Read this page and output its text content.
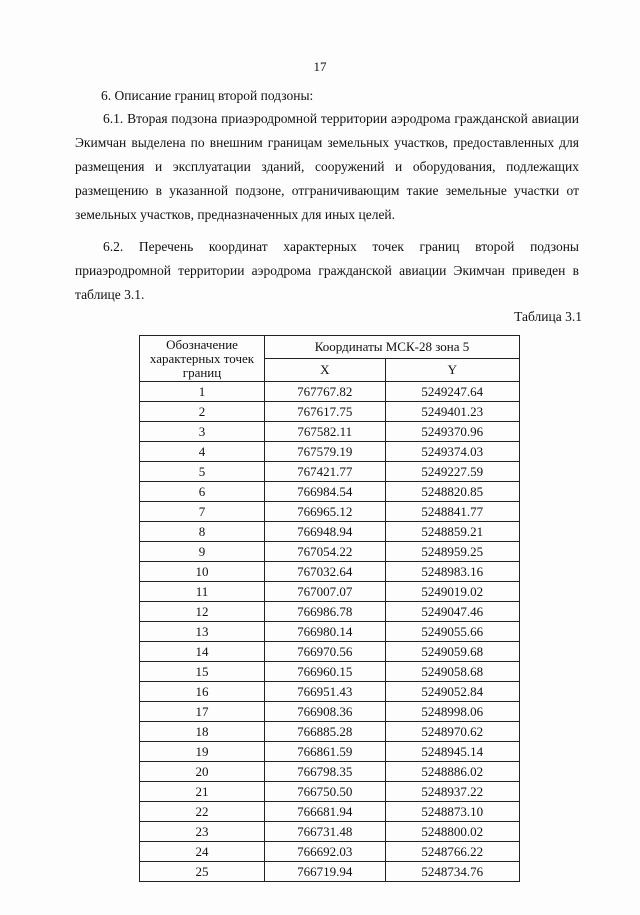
17
6. Описание границ второй подзоны:
6.1. Вторая подзона приаэродромной территории аэродрома гражданской авиации Экимчан выделена по внешним границам земельных участков, предоставленных для размещения и эксплуатации зданий, сооружений и оборудования, подлежащих размещению в указанной подзоне, отграничивающим такие земельные участки от земельных участков, предназначенных для иных целей.
6.2. Перечень координат характерных точек границ второй подзоны приаэродромной территории аэродрома гражданской авиации Экимчан приведен в таблице 3.1.
Таблица 3.1
Обозначение характерных точек границ	Координаты МСК-28 зона 5	
	X	Y
1	767767.82	5249247.64
2	767617.75	5249401.23
3	767582.11	5249370.96
4	767579.19	5249374.03
5	767421.77	5249227.59
6	766984.54	5248820.85
7	766965.12	5248841.77
8	766948.94	5248859.21
9	767054.22	5248959.25
10	767032.64	5248983.16
11	767007.07	5249019.02
12	766986.78	5249047.46
13	766980.14	5249055.66
14	766970.56	5249059.68
15	766960.15	5249058.68
16	766951.43	5249052.84
17	766908.36	5248998.06
18	766885.28	5248970.62
19	766861.59	5248945.14
20	766798.35	5248886.02
21	766750.50	5248937.22
22	766681.94	5248873.10
23	766731.48	5248800.02
24	766692.03	5248766.22
25	766719.94	5248734.76
